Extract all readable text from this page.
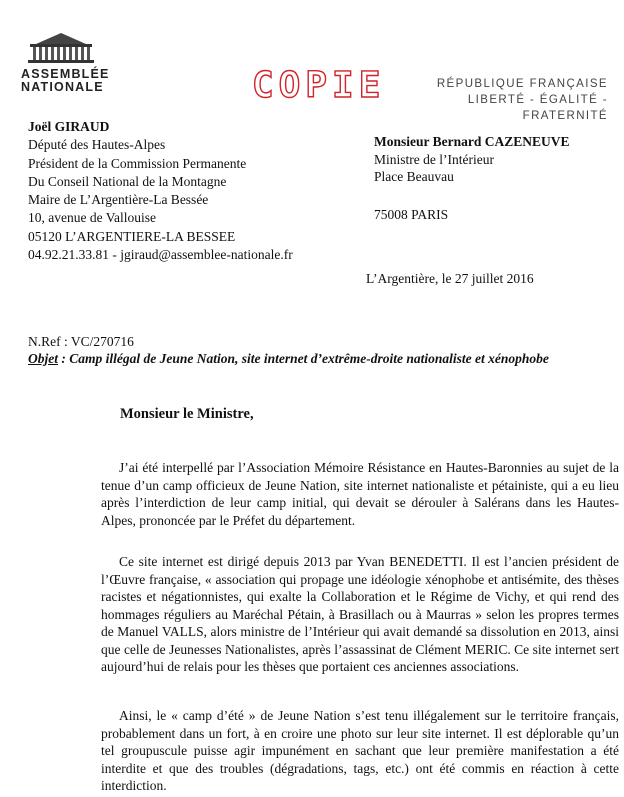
ASSEMBLÉE
NATIONALE	COPIE	RÉPUBLIQUE FRANÇAISE
LIBERTÉ - ÉGALITÉ - FRATERNITÉ
Joël GIRAUD
Député des Hautes-Alpes
Président de la Commission Permanente
Du Conseil National de la Montagne
Maire de L’Argentière-La Bessée
10, avenue de Vallouise
05120 L’ARGENTIERE-LA BESSEE
04.92.21.33.81 - jgiraud@assemblee-nationale.fr
Monsieur Bernard CAZENEUVE
Ministre de l’Intérieur
Place Beauvau
75008 PARIS
L’Argentière, le 27 juillet 2016
N.Ref : VC/270716
Objet : Camp illégal de Jeune Nation, site internet d’extrême-droite nationaliste et xénophobe
Monsieur le Ministre,
J’ai été interpellé par l’Association Mémoire Résistance en Hautes-Baronnies au sujet de la tenue d’un camp officieux de Jeune Nation, site internet nationaliste et pétainiste, qui a eu lieu après l’interdiction de leur camp initial, qui devait se dérouler à Salérans dans les Hautes-Alpes, prononcée par le Préfet du département.
Ce site internet est dirigé depuis 2013 par Yvan BENEDETTI. Il est l’ancien président de l’Œuvre française, « association qui propage une idéologie xénophobe et antisémite, des thèses racistes et négationnistes, qui exalte la Collaboration et le Régime de Vichy, et qui rend des hommages réguliers au Maréchal Pétain, à Brasillach ou à Maurras » selon les propres termes de Manuel VALLS, alors ministre de l’Intérieur qui avait demandé sa dissolution en 2013, ainsi que celle de Jeunesses Nationalistes, après l’assassinat de Clément MERIC. Ce site internet sert aujourd’hui de relais pour les thèses que portaient ces anciennes associations.
Ainsi, le « camp d’été » de Jeune Nation s’est tenu illégalement sur le territoire français, probablement dans un fort, à en croire une photo sur leur site internet. Il est déplorable qu’un tel groupuscule puisse agir impunément en sachant que leur première manifestation a été interdite et que des troubles (dégradations, tags, etc.) ont été commis en réaction à cette interdiction.
